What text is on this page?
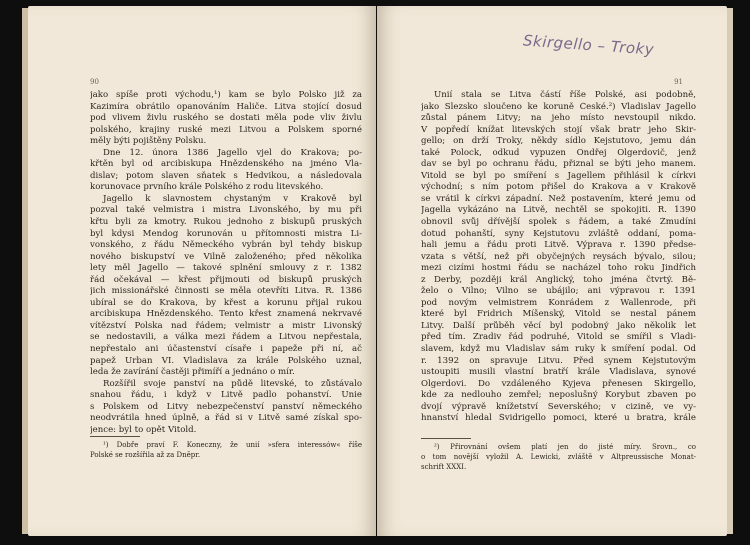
90
jako spíše proti východu,¹) kam se bylo Polsko již za
Kazimíra obrátilo opanováním Haliče. Litva stojící dosud
pod vlivem živlu ruského se dostati měla pode vliv živlu
polského, krajiny ruské mezi Litvou a Polskem sporné
měly býti pojištěny Polsku.
Dne 12. února 1386 Jagello vjel do Krakova; po-
křtěn byl od arcibiskupa Hnězdenského na jméno Vla-
dislav; potom slaven sňatek s Hedvikou, a následovala
korunovace prvního krále Polského z rodu litevského.
Jagello k slavnostem chystaným v Krakově byl
pozval také velmistra i mistra Livonského, by mu při
křtu byli za kmotry. Rukou jednoho z biskupů pruských
byl kdysi Mendog korunován u přítomnosti mistra Li-
vonského, z řádu Německého vybrán byl tehdy biskup
nového biskupství ve Vilně založeného; před několika
lety měl Jagello — takové splnění smlouvy z r. 1382
řád očekával — křest přijmouti od biskupů pruských
jich missionářské činnosti se měla otevříti Litva. R. 1386
ubíral se do Krakova, by křest a korunu přijal rukou
arcibiskupa Hnězdenského. Tento křest znamená nekrvavé
vítězství Polska nad řádem; velmistr a mistr Livonský
se nedostavili, a válka mezi řádem a Litvou nepřestala,
nepřestalo ani účastenství císaře i papeže při ní, ač
papež Urban VI. Vladislava za krále Polského uznal,
leda že zavírání častěji přimíří a jednáno o mír.
Rozšířil svoje panství na půdě litevské, to zůstávalo
snahou řádu, i když v Litvě padlo pohanství. Unie
s Polskem od Litvy nebezpečenství panství německého
neodvrátila hned úplně, a řád si v Litvě samé získal spo-
jence: byl to opět Vitold.
¹) Dobře praví F. Koneczny, že unií »sfera interessów« říše
Polské se rozšířila až za Dněpr.
91
Unií stala se Litva částí říše Polské, asi podobně,
jako Slezsko sloučeno ke koruně České.²) Vladislav Jagello
zůstal pánem Litvy; na jeho místo nevstoupil nikdo.
V popředí knížat litevských stojí však bratr jeho Skir-
gello; on drží Troky, někdy sídlo Kejstutovo, jemu dán
také Polock, odkud vypuzen Ondřej Olgerdovič, jenž
dav se byl po ochranu řádu, přiznal se býti jeho manem.
Vitold se byl po smíření s Jagellem přihlásil k církvi
východní; s ním potom přišel do Krakova a v Krakově
se vrátil k církvi západní. Než postavením, které jemu od
Jagella vykázáno na Litvě, nechtěl se spokojiti. R. 1390
obnovil svůj dřívější spolek s řádem, a také Žmudíni
dotud pohanští, syny Kejstutovu zvláště oddaní, poma-
hali jemu a řádu proti Litvě. Výprava r. 1390 předse-
vzata s větší, než při obyčejných reysách bývalo, silou;
mezi cizími hostmi řádu se nacházel toho roku Jindřich
z Derby, později král Anglický, toho jména čtvrtý. Bě-
želo o Vilno; Vilno se ubájilo; ani výpravou r. 1391
pod novým velmistrem Konrádem z Wallenrode, při
které byl Fridrich Míšenský, Vitold se nestal pánem
Litvy. Další průběh věcí byl podobný jako několik let
před tím. Zradiv řád podruhé, Vitold se smířil s Vladi-
slavem, když mu Vladislav sám ruky k smíření podal. Od
r. 1392 on spravuje Litvu. Před synem Kejstutovým
ustoupiti musili vlastní bratří krále Vladislava, synové
Olgerdovi. Do vzdáleného Kyjeva přenesen Skirgello,
kde za nedlouho zemřel; neposlušný Korybut zbaven po
dvojí výpravě knížetství Severského; v cizině, ve vy-
hnanství hledal Švidrigello pomoci, které u bratra, krále
²) Přirovnání ovšem platí jen do jisté míry. Srovn., co
o tom novější vyložil A. Lewicki, zvláště v Altpreussische Monat-
schrift XXXI.
Skirgello – Troky
